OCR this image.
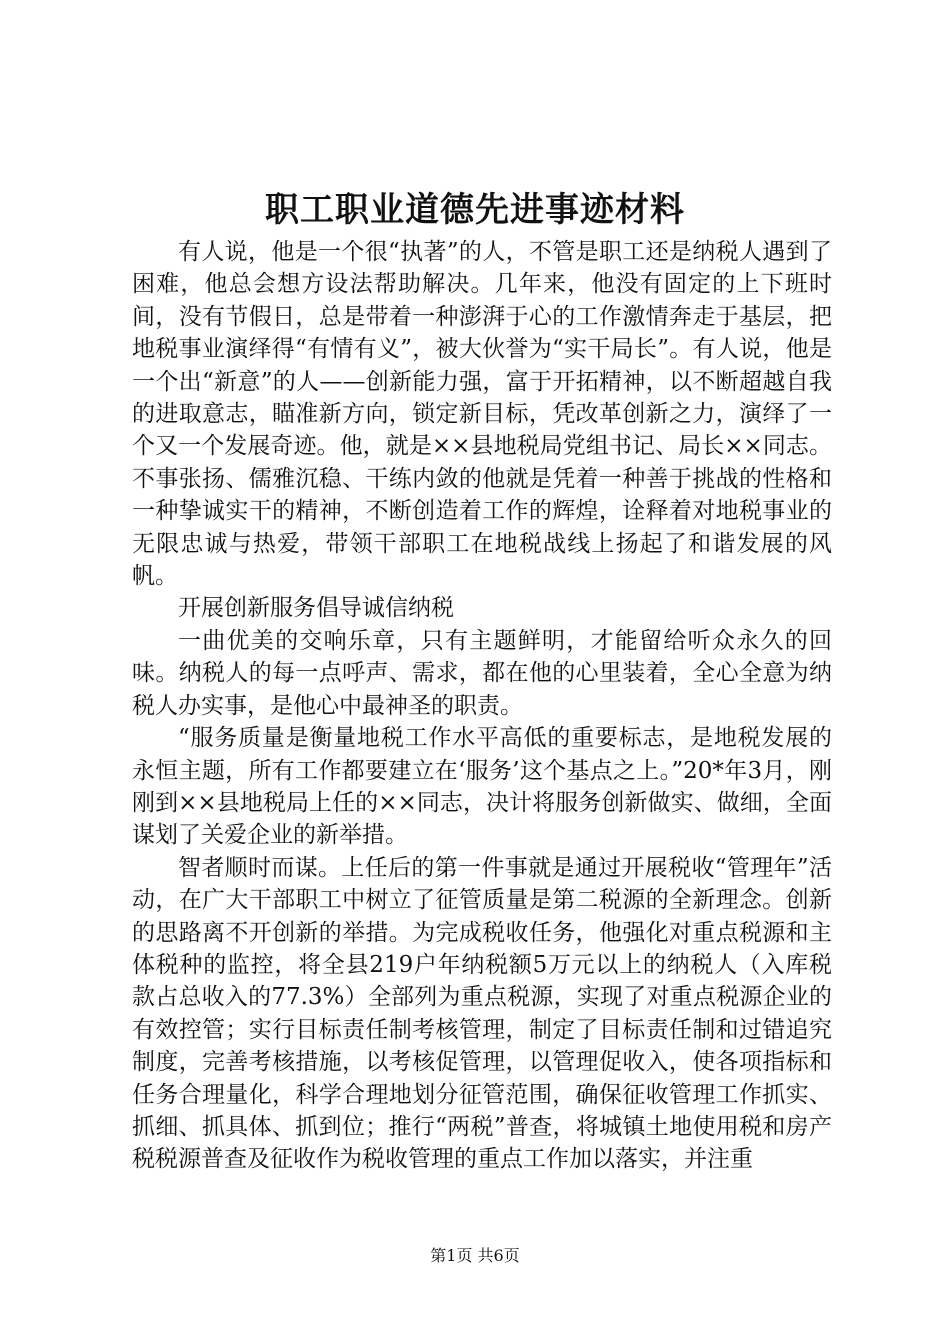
职工职业道德先进事迹材料

有人说，他是一个很“执著”的人，不管是职工还是纳税人遇到了困难，他总会想方设法帮助解决。几年来，他没有固定的上下班时间，没有节假日，总是带着一种澎湃于心的工作激情奔走于基层，把地税事业演绎得“有情有义”，被大伙誉为“实干局长”。有人说，他是一个出“新意”的人——创新能力强，富于开拓精神，以不断超越自我的进取意志，瞄准新方向，锁定新目标，凭改革创新之力，演绎了一个又一个发展奇迹。他，就是××县地税局党组书记、局长××同志。不事张扬、儒雅沉稳、干练内敛的他就是凭着一种善于挑战的性格和一种挚诚实干的精神，不断创造着工作的辉煌，诠释着对地税事业的无限忠诚与热爱，带领干部职工在地税战线上扬起了和谐发展的风帆。

开展创新服务倡导诚信纳税

一曲优美的交响乐章，只有主题鲜明，才能留给听众永久的回味。纳税人的每一点呼声、需求，都在他的心里装着，全心全意为纳税人办实事，是他心中最神圣的职责。

“服务质量是衡量地税工作水平高低的重要标志，是地税发展的永恒主题，所有工作都要建立在‘服务’这个基点之上。”20*年3月，刚刚到××县地税局上任的××同志，决计将服务创新做实、做细，全面谋划了关爱企业的新举措。

智者顺时而谋。上任后的第一件事就是通过开展税收“管理年”活动，在广大干部职工中树立了征管质量是第二税源的全新理念。创新的思路离不开创新的举措。为完成税收任务，他强化对重点税源和主体税种的监控，将全县219户年纳税额5万元以上的纳税人（入库税款占总收入的77.3%）全部列为重点税源，实现了对重点税源企业的有效控管；实行目标责任制考核管理，制定了目标责任制和过错追究制度，完善考核措施，以考核促管理，以管理促收入，使各项指标和任务合理量化，科学合理地划分征管范围，确保征收管理工作抓实、抓细、抓具体、抓到位；推行“两税”普查，将城镇土地使用税和房产税税源普查及征收作为税收管理的重点工作加以落实，并注重

第1页 共6页
